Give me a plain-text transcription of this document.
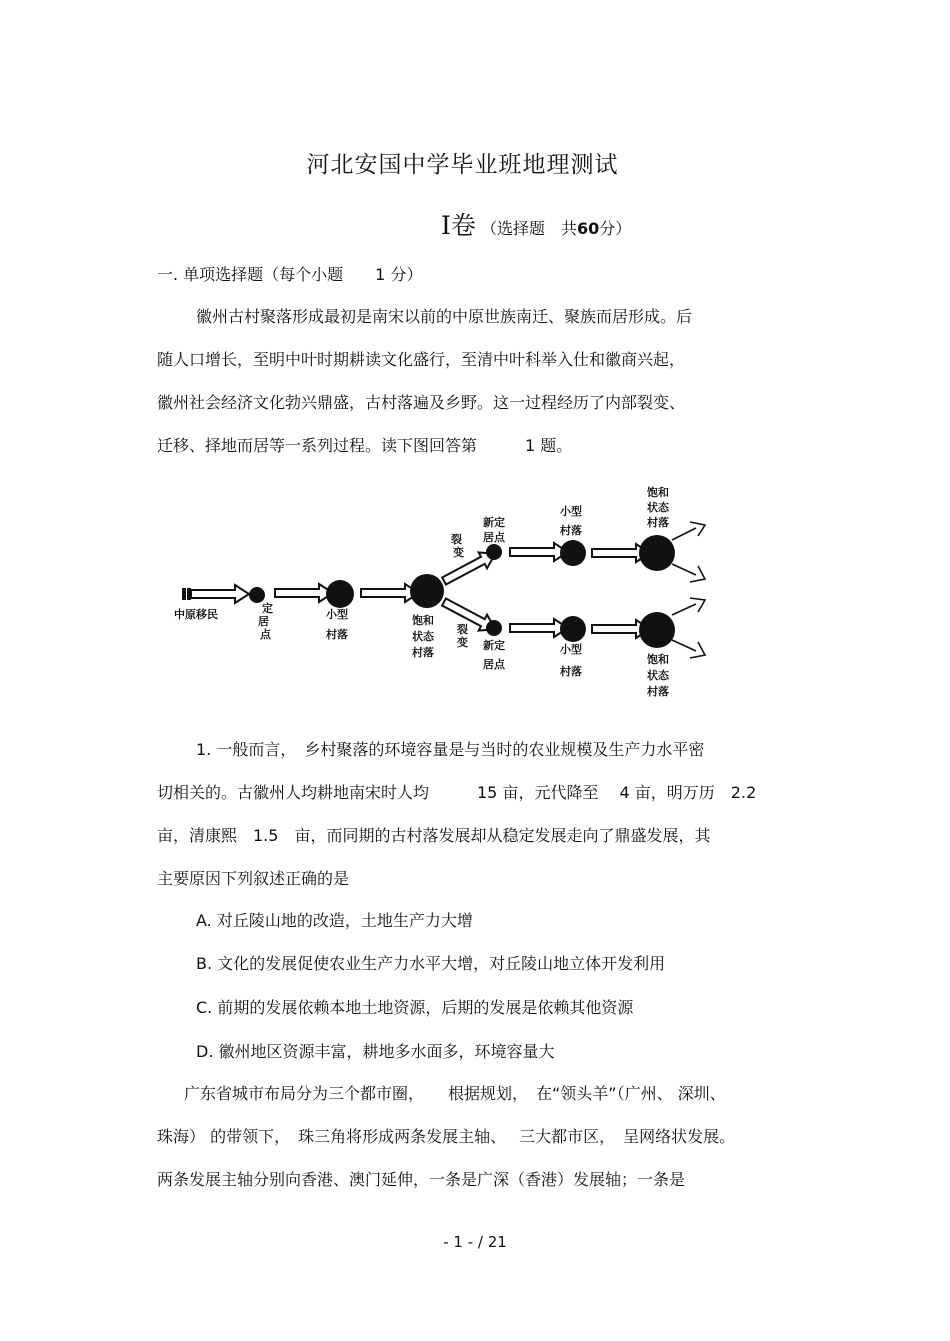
河北安国中学毕业班地理测试
Ⅰ卷 （选择题　共60分）
一. 单项选择题（每个小题　　1 分）
徽州古村聚落形成最初是南宋以前的中原世族南迁、聚族而居形成。后
随人口增长，至明中叶时期耕读文化盛行，至清中叶科举入仕和徽商兴起，
徽州社会经济文化勃兴鼎盛，古村落遍及乡野。这一过程经历了内部裂变、
迁移、择地而居等一系列过程。读下图回答第　　　1 题。
中原移民	定
居
点
小型
村落
饱和
状态
村落
裂
变
裂
变
新定
居点
小型
村落
饱和
状态
村落
新定
居点
小型
村落
饱和
状态
村落
1. 一般而言，　乡村聚落的环境容量是与当时的农业规模及生产力水平密
切相关的。古徽州人均耕地南宋时人均　　　15 亩，元代降至　 4 亩，明万历　2.2
亩，清康熙　1.5　亩，而同期的古村落发展却从稳定发展走向了鼎盛发展，其
主要原因下列叙述正确的是
A. 对丘陵山地的改造，土地生产力大增
B. 文化的发展促使农业生产力水平大增，对丘陵山地立体开发利用
C. 前期的发展依赖本地土地资源，后期的发展是依赖其他资源
D. 徽州地区资源丰富，耕地多水面多，环境容量大
广东省城市布局分为三个都市圈，　　根据规划，　在“领头羊”（广州、 深圳、
珠海） 的带领下，　珠三角将形成两条发展主轴、　 三大都市区，　呈网络状发展。
两条发展主轴分别向香港、澳门延伸，一条是广深（香港）发展轴；一条是
- 1 - / 21
